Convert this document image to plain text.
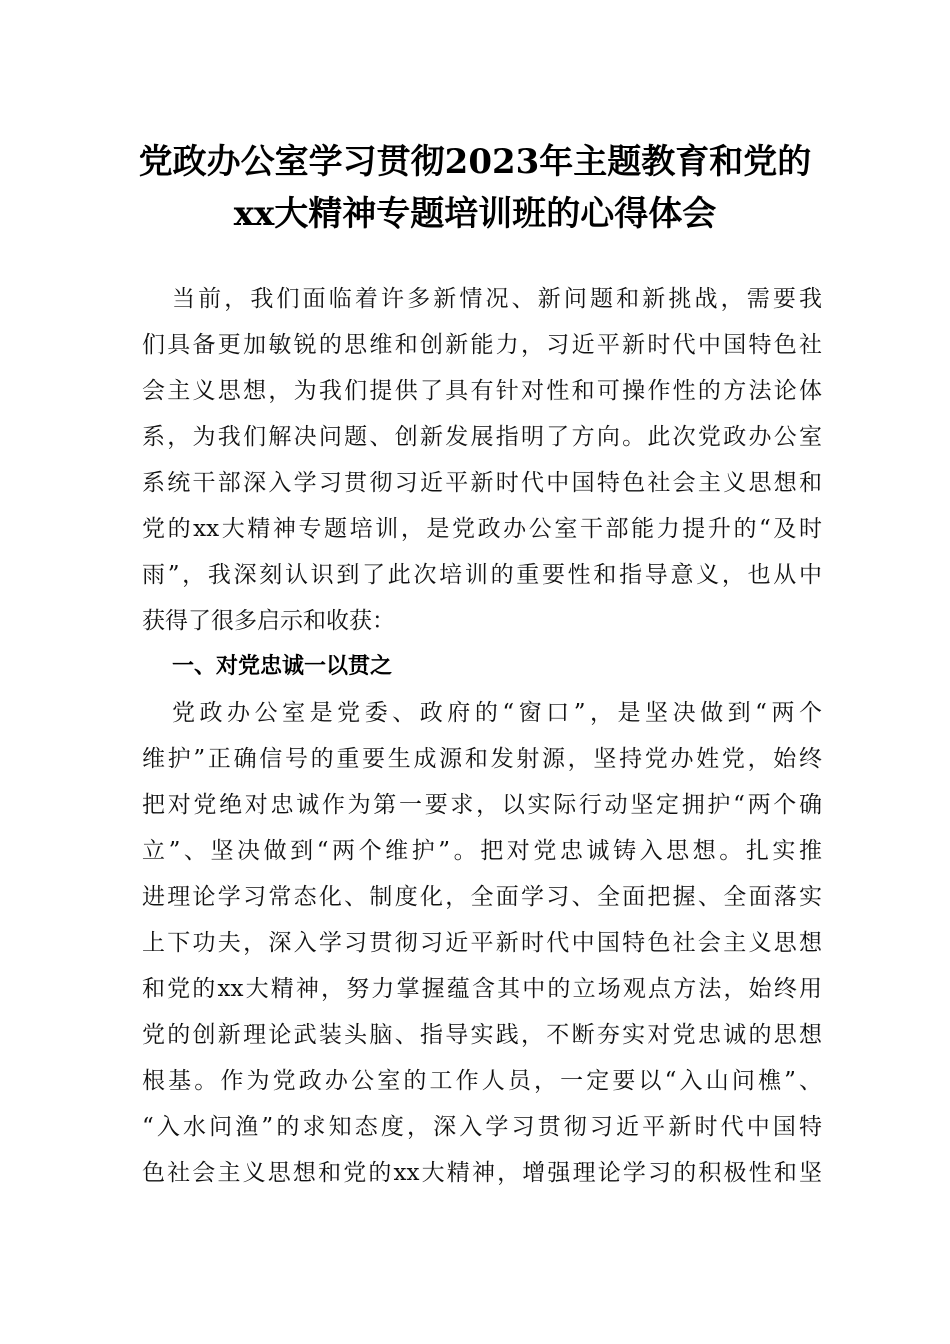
党政办公室学习贯彻2023年主题教育和党的
xx大精神专题培训班的心得体会
当前，我们面临着许多新情况、新问题和新挑战，需要我
们具备更加敏锐的思维和创新能力，习近平新时代中国特色社
会主义思想，为我们提供了具有针对性和可操作性的方法论体
系，为我们解决问题、创新发展指明了方向。此次党政办公室
系统干部深入学习贯彻习近平新时代中国特色社会主义思想和
党的xx大精神专题培训，是党政办公室干部能力提升的“及时
雨”，我深刻认识到了此次培训的重要性和指导意义，也从中
获得了很多启示和收获：
一、对党忠诚一以贯之
党政办公室是党委、政府的“窗口”，是坚决做到“两个
维护”正确信号的重要生成源和发射源，坚持党办姓党，始终
把对党绝对忠诚作为第一要求，以实际行动坚定拥护“两个确
立”、坚决做到“两个维护”。把对党忠诚铸入思想。扎实推
进理论学习常态化、制度化，全面学习、全面把握、全面落实
上下功夫，深入学习贯彻习近平新时代中国特色社会主义思想
和党的xx大精神，努力掌握蕴含其中的立场观点方法，始终用
党的创新理论武装头脑、指导实践，不断夯实对党忠诚的思想
根基。作为党政办公室的工作人员，一定要以“入山问樵”、
“入水问渔”的求知态度，深入学习贯彻习近平新时代中国特
色社会主义思想和党的xx大精神，增强理论学习的积极性和坚
